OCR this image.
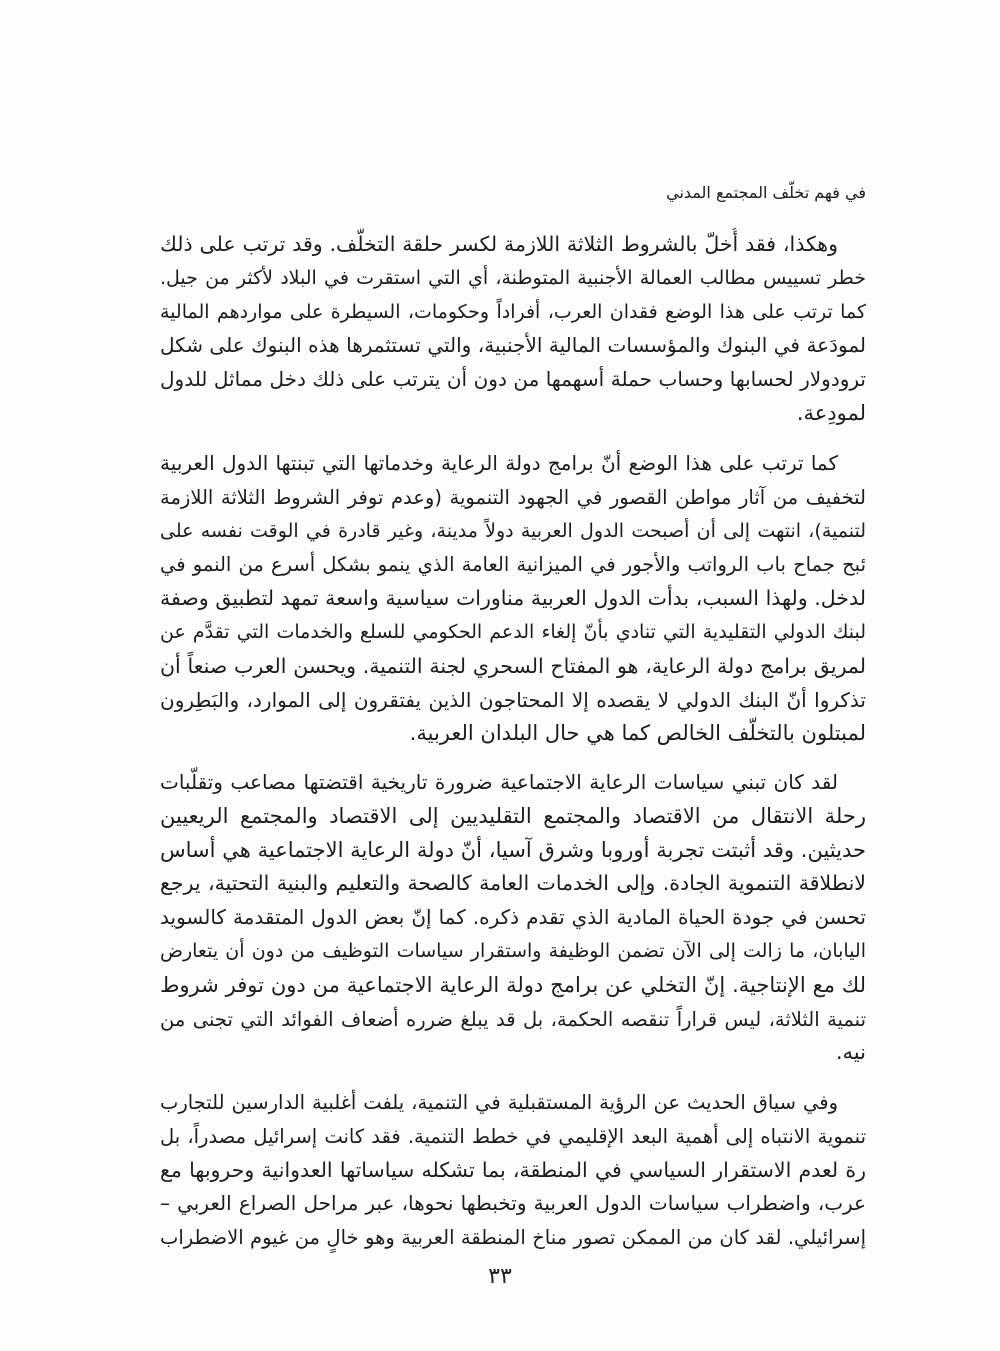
في فهم تخلّف المجتمع المدني
وهكذا، فقد أُخلّ بالشروط الثلاثة اللازمة لكسر حلقة التخلّف. وقد ترتب على ذلك
خطر تسييس مطالب العمالة الأجنبية المتوطنة، أي التي استقرت في البلاد لأكثر من جيل.
كما ترتب على هذا الوضع فقدان العرب، أفراداً وحكومات، السيطرة على مواردهم المالية
لمودَعة في البنوك والمؤسسات المالية الأجنبية، والتي تستثمرها هذه البنوك على شكل
ترودولار لحسابها وحساب حملة أسهمها من دون أن يترتب على ذلك دخل مماثل للدول
لمودِعة.
كما ترتب على هذا الوضع أنّ برامج دولة الرعاية وخدماتها التي تبنتها الدول العربية
لتخفيف من آثار مواطن القصور في الجهود التنموية (وعدم توفر الشروط الثلاثة اللازمة
لتنمية)، انتهت إلى أن أصبحت الدول العربية دولاً مدينة، وغير قادرة في الوقت نفسه على
ئبح جماح باب الرواتب والأجور في الميزانية العامة الذي ينمو بشكل أسرع من النمو في
لدخل. ولهذا السبب، بدأت الدول العربية مناورات سياسية واسعة تمهد لتطبيق وصفة
لبنك الدولي التقليدية التي تنادي بأنّ إلغاء الدعم الحكومي للسلع والخدمات التي تقدَّم عن
لمريق برامج دولة الرعاية، هو المفتاح السحري لجنة التنمية. ويحسن العرب صنعاً أن
تذكروا أنّ البنك الدولي لا يقصده إلا المحتاجون الذين يفتقرون إلى الموارد، والبَطِرون
لمبتلون بالتخلّف الخالص كما هي حال البلدان العربية.
لقد كان تبني سياسات الرعاية الاجتماعية ضرورة تاريخية اقتضتها مصاعب وتقلّبات
رحلة الانتقال من الاقتصاد والمجتمع التقليديين إلى الاقتصاد والمجتمع الريعيين
حديثين. وقد أثبتت تجربة أوروبا وشرق آسيا، أنّ دولة الرعاية الاجتماعية هي أساس
لانطلاقة التنموية الجادة. وإلى الخدمات العامة كالصحة والتعليم والبنية التحتية، يرجع
تحسن في جودة الحياة المادية الذي تقدم ذكره. كما إنّ بعض الدول المتقدمة كالسويد
اليابان، ما زالت إلى الآن تضمن الوظيفة واستقرار سياسات التوظيف من دون أن يتعارض
لك مع الإنتاجية. إنّ التخلي عن برامج دولة الرعاية الاجتماعية من دون توفر شروط
تنمية الثلاثة، ليس قراراً تنقصه الحكمة، بل قد يبلغ ضرره أضعاف الفوائد التي تجنى من
نيه.
وفي سياق الحديث عن الرؤية المستقبلية في التنمية، يلفت أغلبية الدارسين للتجارب
تنموية الانتباه إلى أهمية البعد الإقليمي في خطط التنمية. فقد كانت إسرائيل مصدراً، بل
رة لعدم الاستقرار السياسي في المنطقة، بما تشكله سياساتها العدوانية وحروبها مع
عرب، واضطراب سياسات الدول العربية وتخبطها نحوها، عبر مراحل الصراع العربي –
إسرائيلي. لقد كان من الممكن تصور مناخ المنطقة العربية وهو خالٍ من غيوم الاضطراب
٣٣
